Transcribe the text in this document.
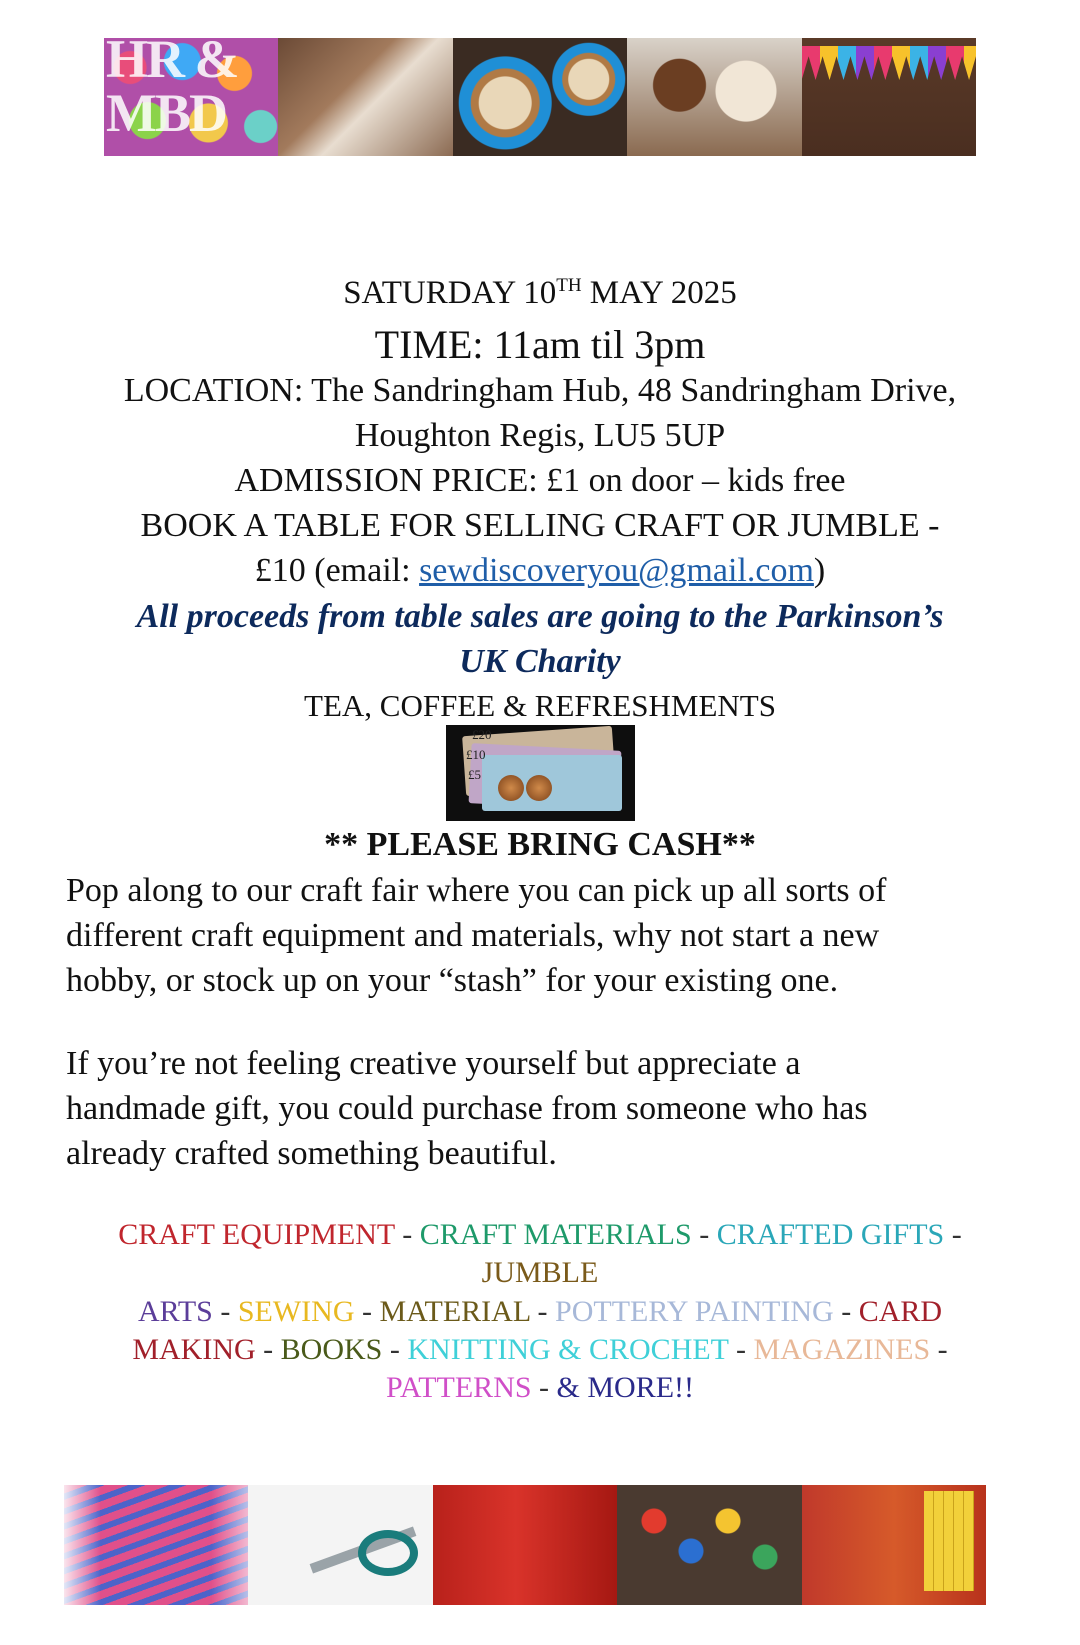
HR & MBD
SATURDAY 10TH MAY 2025
TIME: 11am til 3pm
LOCATION: The Sandringham Hub, 48 Sandringham Drive,
Houghton Regis, LU5 5UP
ADMISSION PRICE: £1 on door – kids free
BOOK A TABLE FOR SELLING CRAFT OR JUMBLE -
£10 (email: sewdiscoveryou@gmail.com)
All proceeds from table sales are going to the Parkinson’s
UK Charity
TEA, COFFEE & REFRESHMENTS
£20
£10
£5
** PLEASE BRING CASH**
Pop along to our craft fair where you can pick up all sorts of
different craft equipment and materials, why not start a new
hobby, or stock up on your “stash” for your existing one.
If you’re not feeling creative yourself but appreciate a
handmade gift, you could purchase from someone who has
already crafted something beautiful.
CRAFT EQUIPMENT - CRAFT MATERIALS - CRAFTED GIFTS -
JUMBLE
ARTS - SEWING - MATERIAL - POTTERY PAINTING - CARD
MAKING - BOOKS - KNITTING & CROCHET - MAGAZINES -
PATTERNS - & MORE!!
